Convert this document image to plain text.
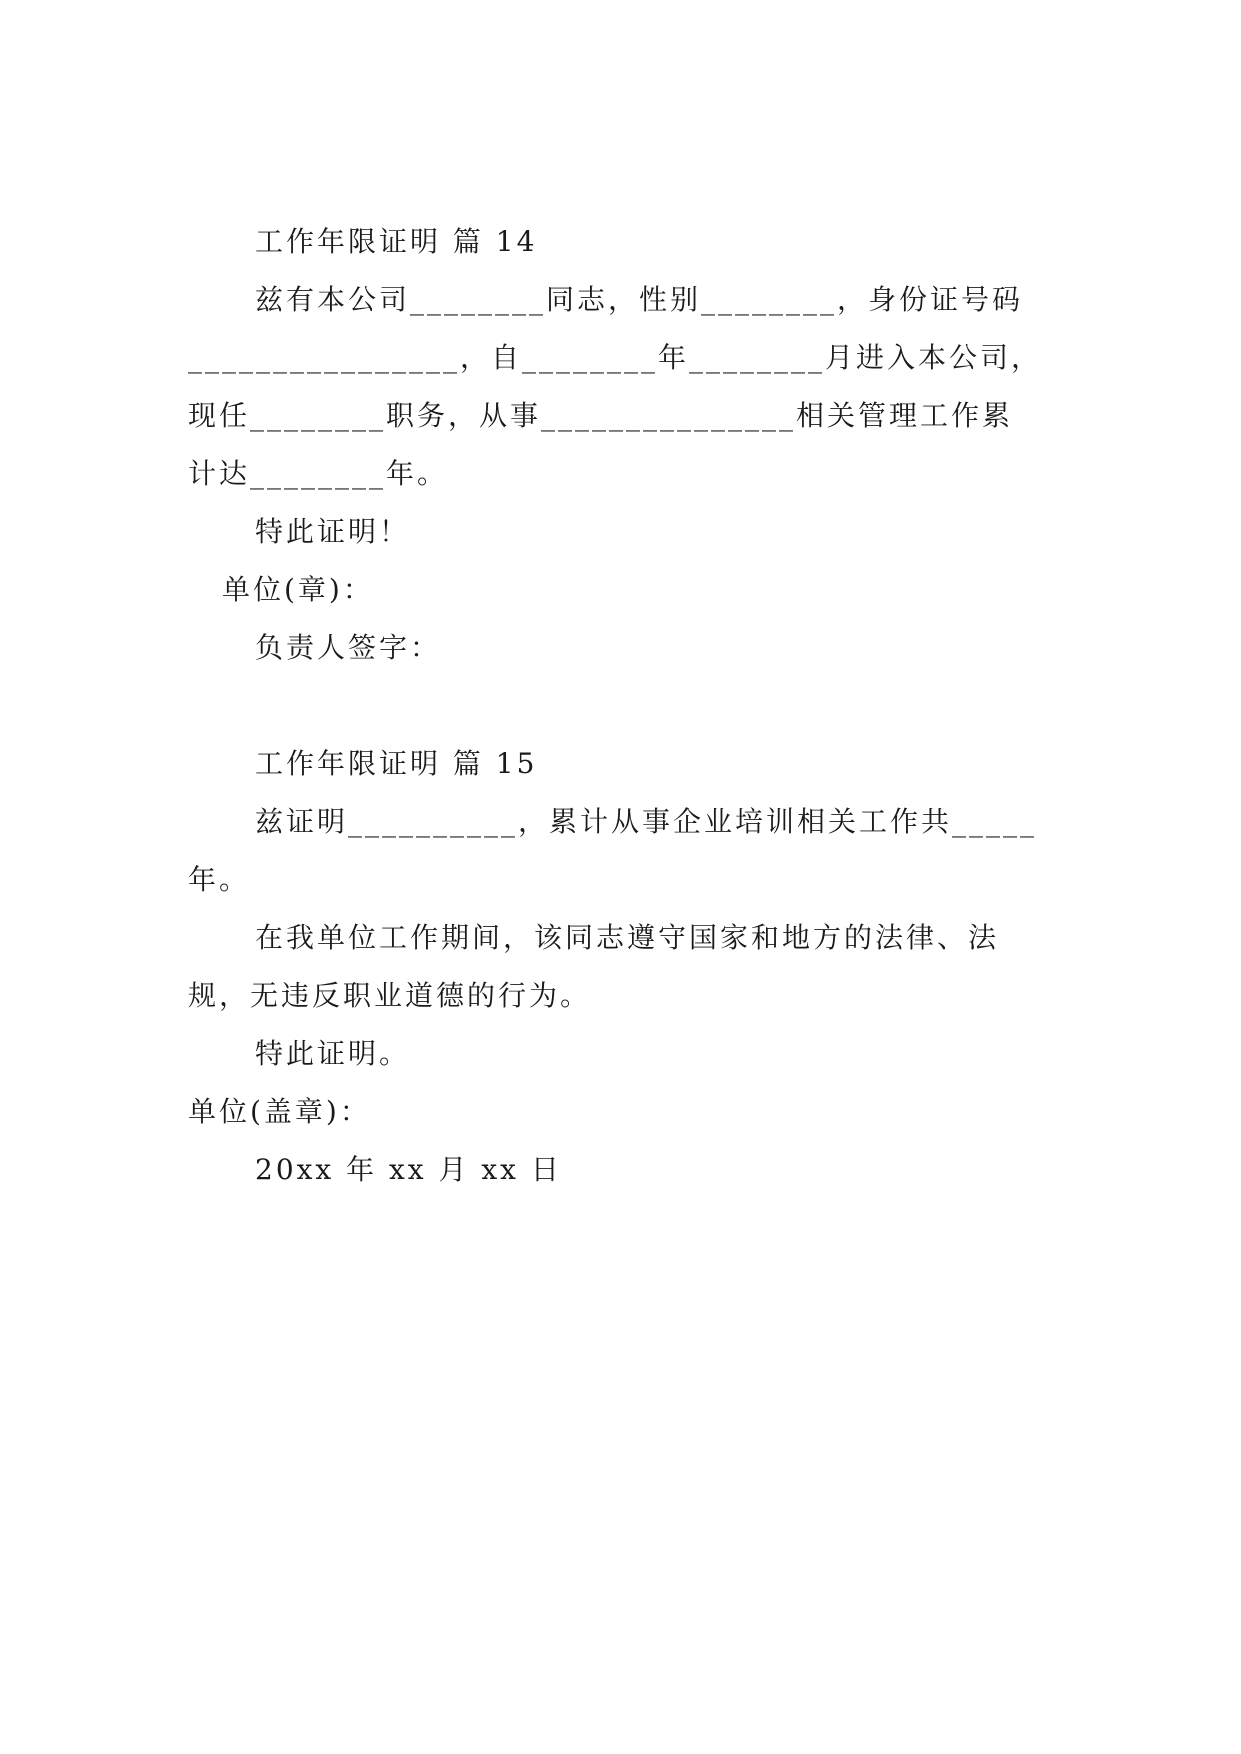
工作年限证明 篇 14
兹有本公司________同志，性别________，身份证号码
________________，自________年________月进入本公司，
现任________职务，从事_______________相关管理工作累
计达________年。
特此证明！
单位(章)：
负责人签字：
工作年限证明 篇 15
兹证明__________，累计从事企业培训相关工作共_____
年。
在我单位工作期间，该同志遵守国家和地方的法律、法
规，无违反职业道德的行为。
特此证明。
单位(盖章)：
20xx 年 xx 月 xx 日
